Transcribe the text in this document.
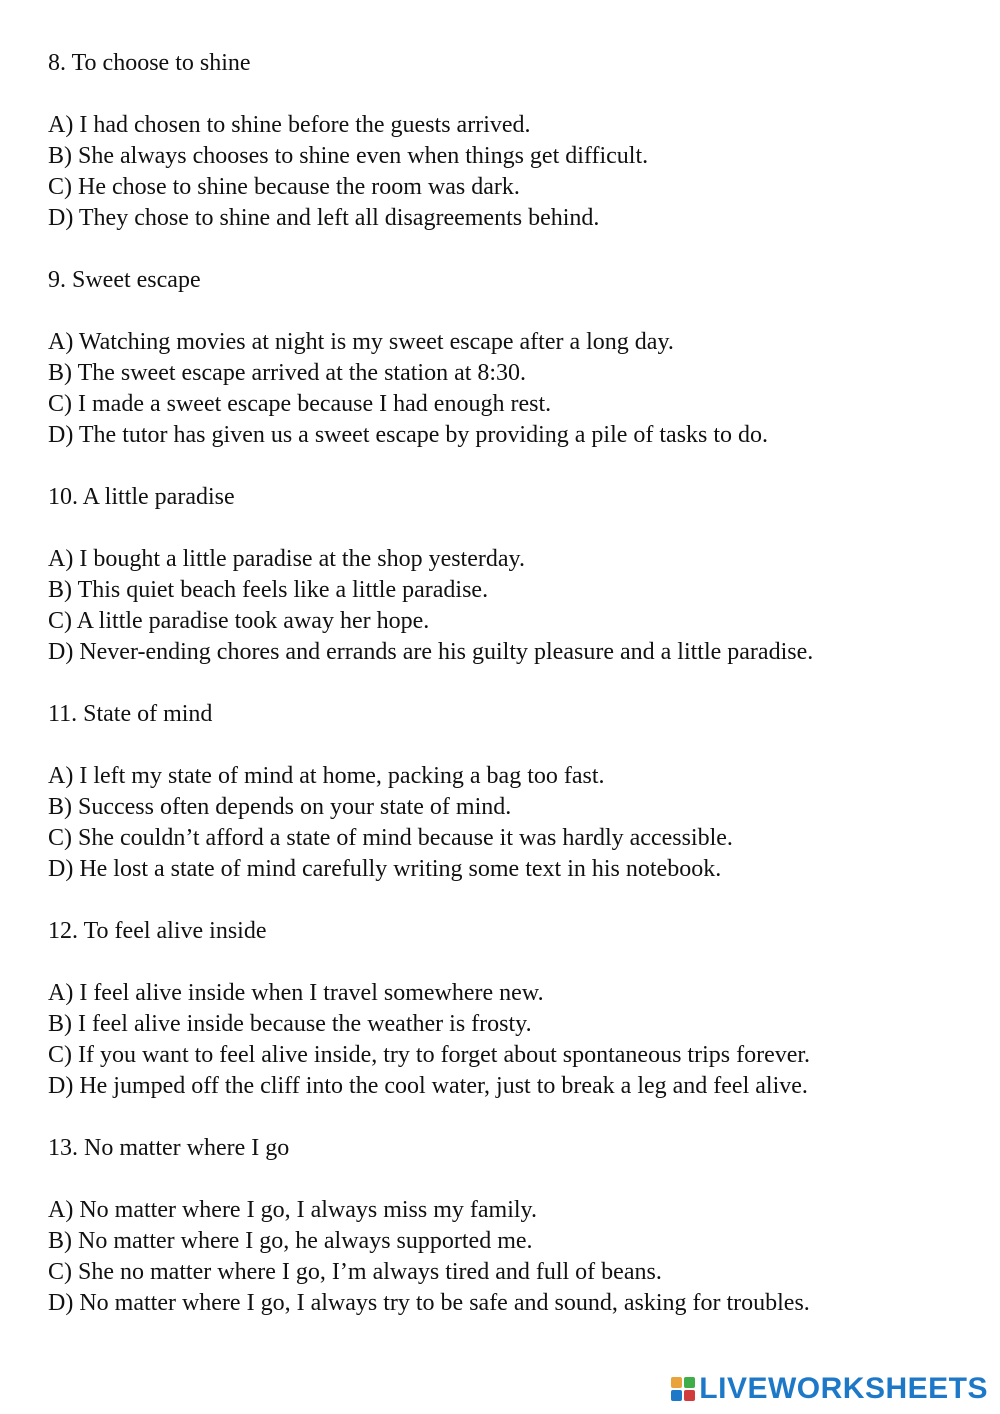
8. To choose to shine
A) I had chosen to shine before the guests arrived.
B) She always chooses to shine even when things get difficult.
C) He chose to shine because the room was dark.
D) They chose to shine and left all disagreements behind.
9. Sweet escape
A) Watching movies at night is my sweet escape after a long day.
B) The sweet escape arrived at the station at 8:30.
C) I made a sweet escape because I had enough rest.
D) The tutor has given us a sweet escape by providing a pile of tasks to do.
10. A little paradise
A) I bought a little paradise at the shop yesterday.
B) This quiet beach feels like a little paradise.
C) A little paradise took away her hope.
D) Never-ending chores and errands are his guilty pleasure and a little paradise.
11. State of mind
A) I left my state of mind at home, packing a bag too fast.
B) Success often depends on your state of mind.
C) She couldn’t afford a state of mind because it was hardly accessible.
D) He lost a state of mind carefully writing some text in his notebook.
12. To feel alive inside
A) I feel alive inside when I travel somewhere new.
B) I feel alive inside because the weather is frosty.
C) If you want to feel alive inside, try to forget about spontaneous trips forever.
D) He jumped off the cliff into the cool water, just to break a leg and feel alive.
13. No matter where I go
A) No matter where I go, I always miss my family.
B) No matter where I go, he always supported me.
C) She no matter where I go, I’m always tired and full of beans.
D) No matter where I go, I always try to be safe and sound, asking for troubles.
LIVEWORKSHEETS
